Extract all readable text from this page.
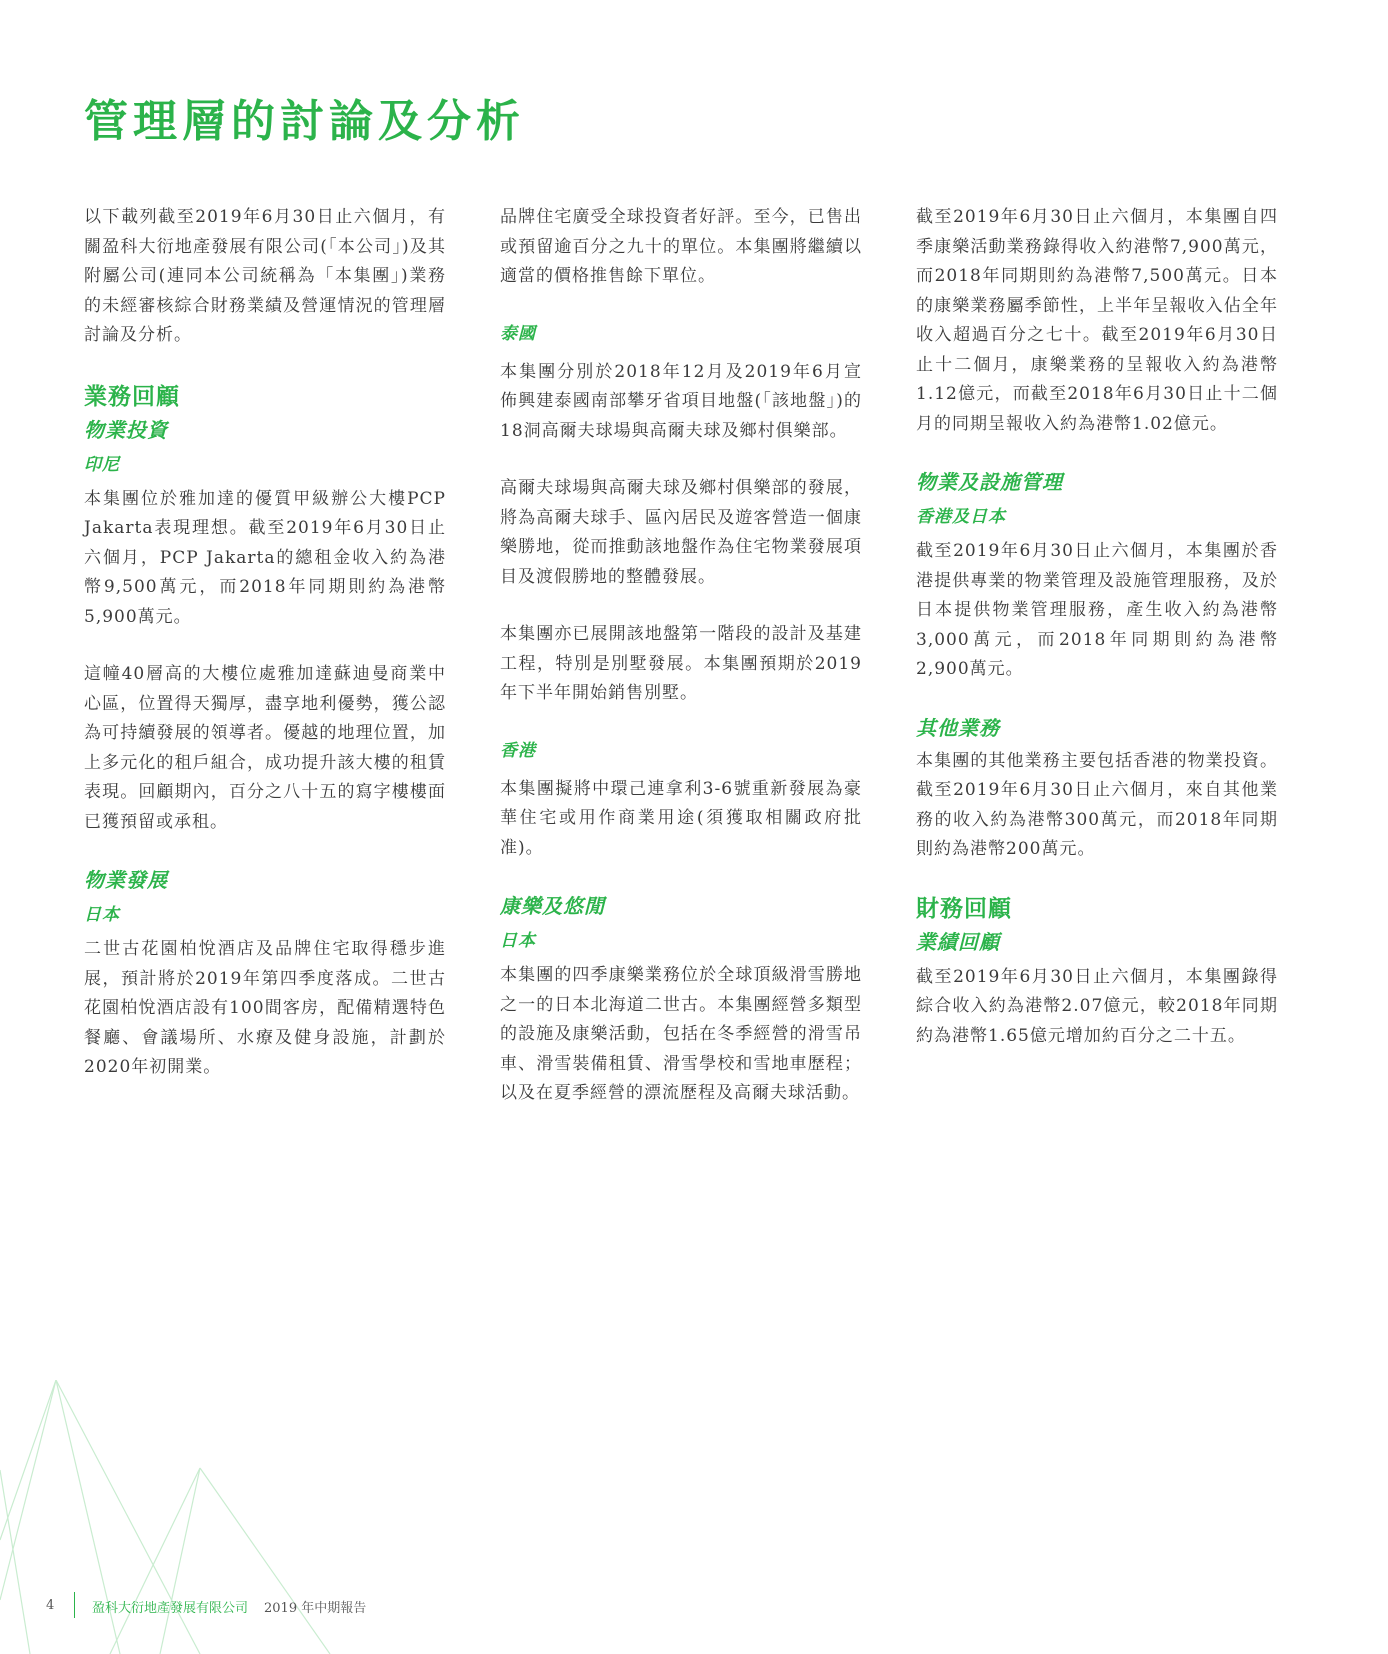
管理層的討論及分析

以下載列截至2019年6月30日止六個月，有關盈科大衍地產發展有限公司(「本公司」)及其附屬公司(連同本公司統稱為「本集團」)業務的未經審核綜合財務業績及營運情況的管理層討論及分析。

業務回顧
物業投資
印尼

本集團位於雅加達的優質甲級辦公大樓PCP Jakarta表現理想。截至2019年6月30日止六個月，PCP Jakarta的總租金收入約為港幣9,500萬元，而2018年同期則約為港幣5,900萬元。

這幢40層高的大樓位處雅加達蘇迪曼商業中心區，位置得天獨厚，盡享地利優勢，獲公認為可持續發展的領導者。優越的地理位置，加上多元化的租戶組合，成功提升該大樓的租賃表現。回顧期內，百分之八十五的寫字樓樓面已獲預留或承租。

物業發展
日本

二世古花園柏悅酒店及品牌住宅取得穩步進展，預計將於2019年第四季度落成。二世古花園柏悅酒店設有100間客房，配備精選特色餐廳、會議場所、水療及健身設施，計劃於2020年初開業。

品牌住宅廣受全球投資者好評。至今，已售出或預留逾百分之九十的單位。本集團將繼續以適當的價格推售餘下單位。

泰國

本集團分別於2018年12月及2019年6月宣佈興建泰國南部攀牙省項目地盤(「該地盤」)的18洞高爾夫球場與高爾夫球及鄉村俱樂部。

高爾夫球場與高爾夫球及鄉村俱樂部的發展，將為高爾夫球手、區內居民及遊客營造一個康樂勝地，從而推動該地盤作為住宅物業發展項目及渡假勝地的整體發展。

本集團亦已展開該地盤第一階段的設計及基建工程，特別是別墅發展。本集團預期於2019年下半年開始銷售別墅。

香港

本集團擬將中環己連拿利3-6號重新發展為豪華住宅或用作商業用途(須獲取相關政府批准)。

康樂及悠閒
日本

本集團的四季康樂業務位於全球頂級滑雪勝地之一的日本北海道二世古。本集團經營多類型的設施及康樂活動，包括在冬季經營的滑雪吊車、滑雪裝備租賃、滑雪學校和雪地車歷程；以及在夏季經營的漂流歷程及高爾夫球活動。

截至2019年6月30日止六個月，本集團自四季康樂活動業務錄得收入約港幣7,900萬元，而2018年同期則約為港幣7,500萬元。日本的康樂業務屬季節性，上半年呈報收入佔全年收入超過百分之七十。截至2019年6月30日止十二個月，康樂業務的呈報收入約為港幣1.12億元，而截至2018年6月30日止十二個月的同期呈報收入約為港幣1.02億元。

物業及設施管理
香港及日本

截至2019年6月30日止六個月，本集團於香港提供專業的物業管理及設施管理服務，及於日本提供物業管理服務，產生收入約為港幣3,000萬元，而2018年同期則約為港幣2,900萬元。

其他業務

本集團的其他業務主要包括香港的物業投資。截至2019年6月30日止六個月，來自其他業務的收入約為港幣300萬元，而2018年同期則約為港幣200萬元。

財務回顧
業績回顧

截至2019年6月30日止六個月，本集團錄得綜合收入約為港幣2.07億元，較2018年同期約為港幣1.65億元增加約百分之二十五。

4	盈科大衍地產發展有限公司 2019 年中期報告
